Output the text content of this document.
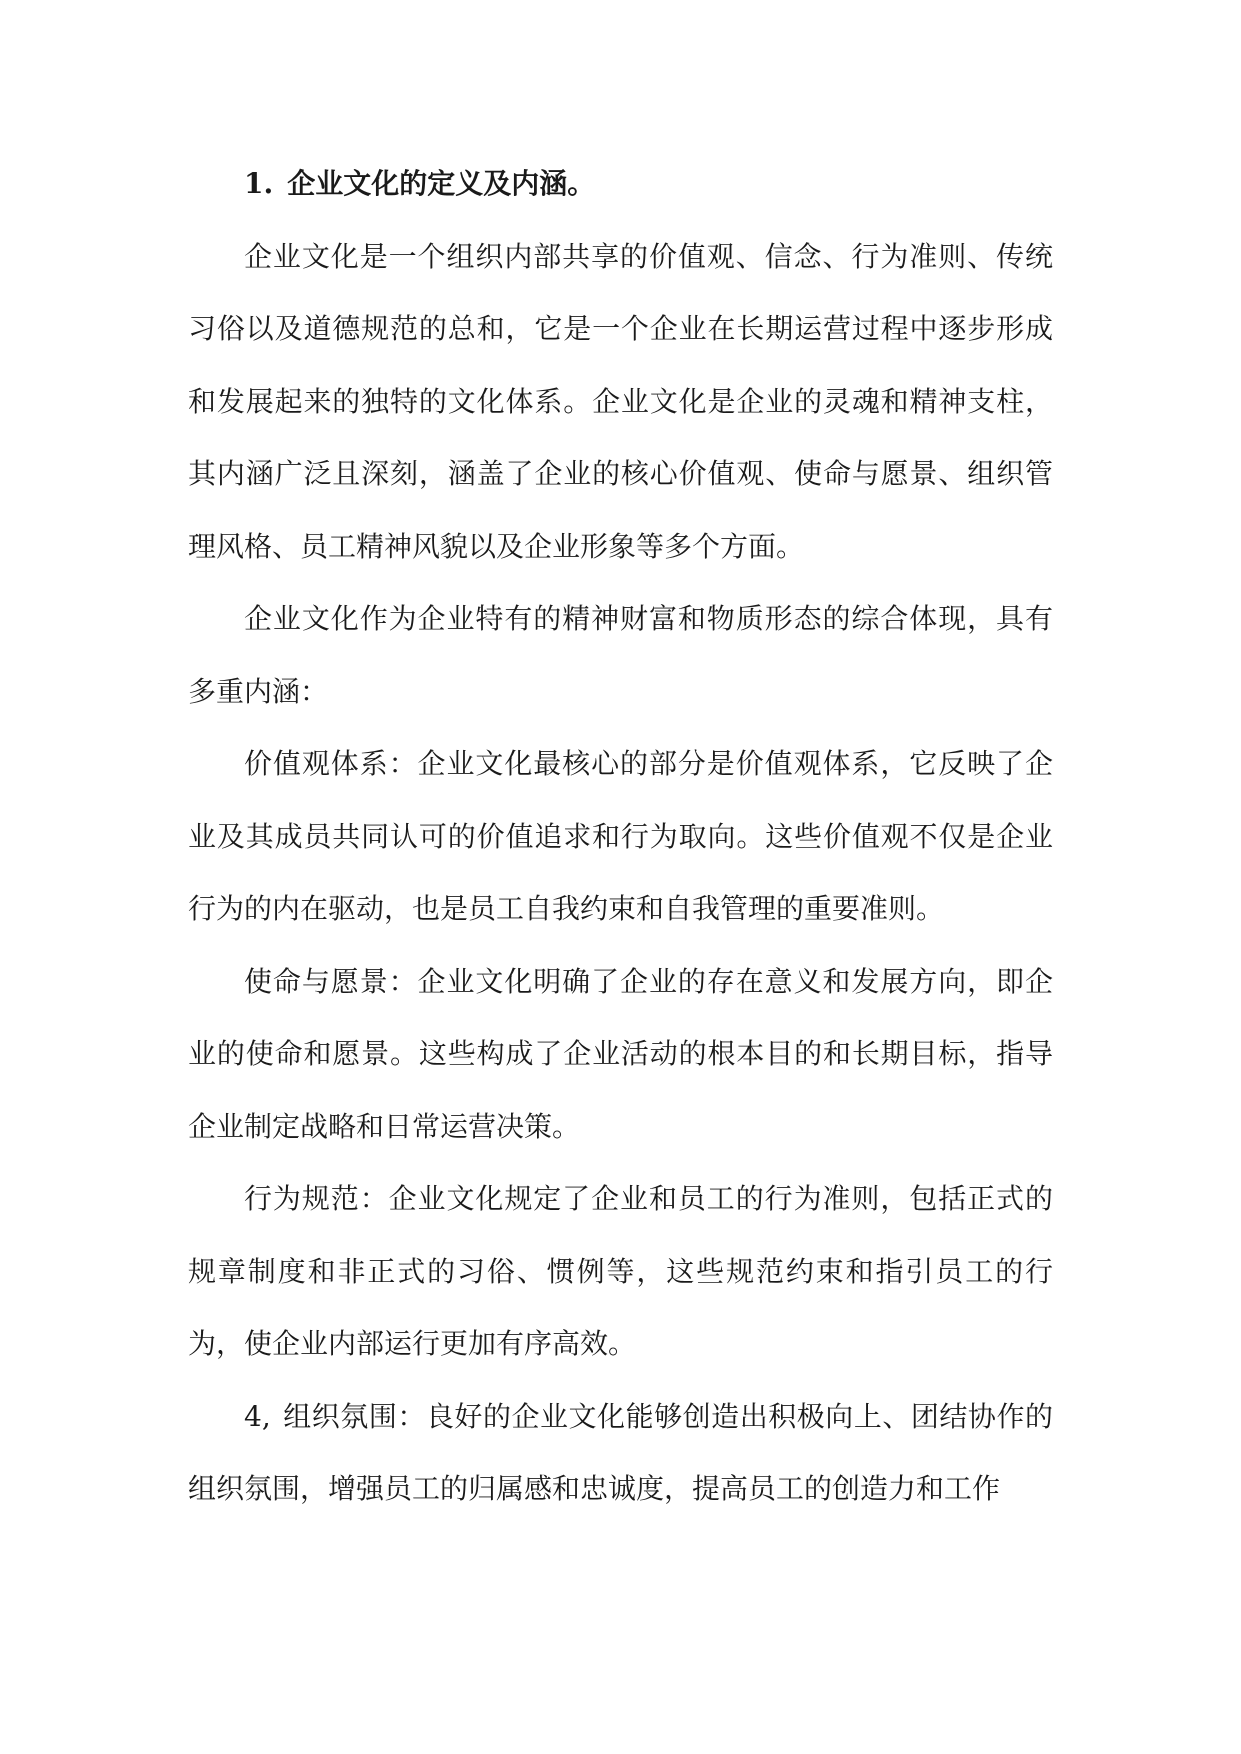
1. 企业文化的定义及内涵。

企业文化是一个组织内部共享的价值观、信念、行为准则、传统习俗以及道德规范的总和，它是一个企业在长期运营过程中逐步形成和发展起来的独特的文化体系。企业文化是企业的灵魂和精神支柱，其内涵广泛且深刻，涵盖了企业的核心价值观、使命与愿景、组织管理风格、员工精神风貌以及企业形象等多个方面。

企业文化作为企业特有的精神财富和物质形态的综合体现，具有多重内涵：

价值观体系：企业文化最核心的部分是价值观体系，它反映了企业及其成员共同认可的价值追求和行为取向。这些价值观不仅是企业行为的内在驱动，也是员工自我约束和自我管理的重要准则。

使命与愿景：企业文化明确了企业的存在意义和发展方向，即企业的使命和愿景。这些构成了企业活动的根本目的和长期目标，指导企业制定战略和日常运营决策。

行为规范：企业文化规定了企业和员工的行为准则，包括正式的规章制度和非正式的习俗、惯例等，这些规范约束和指引员工的行为，使企业内部运行更加有序高效。

4, 组织氛围：良好的企业文化能够创造出积极向上、团结协作的组织氛围，增强员工的归属感和忠诚度，提高员工的创造力和工作
